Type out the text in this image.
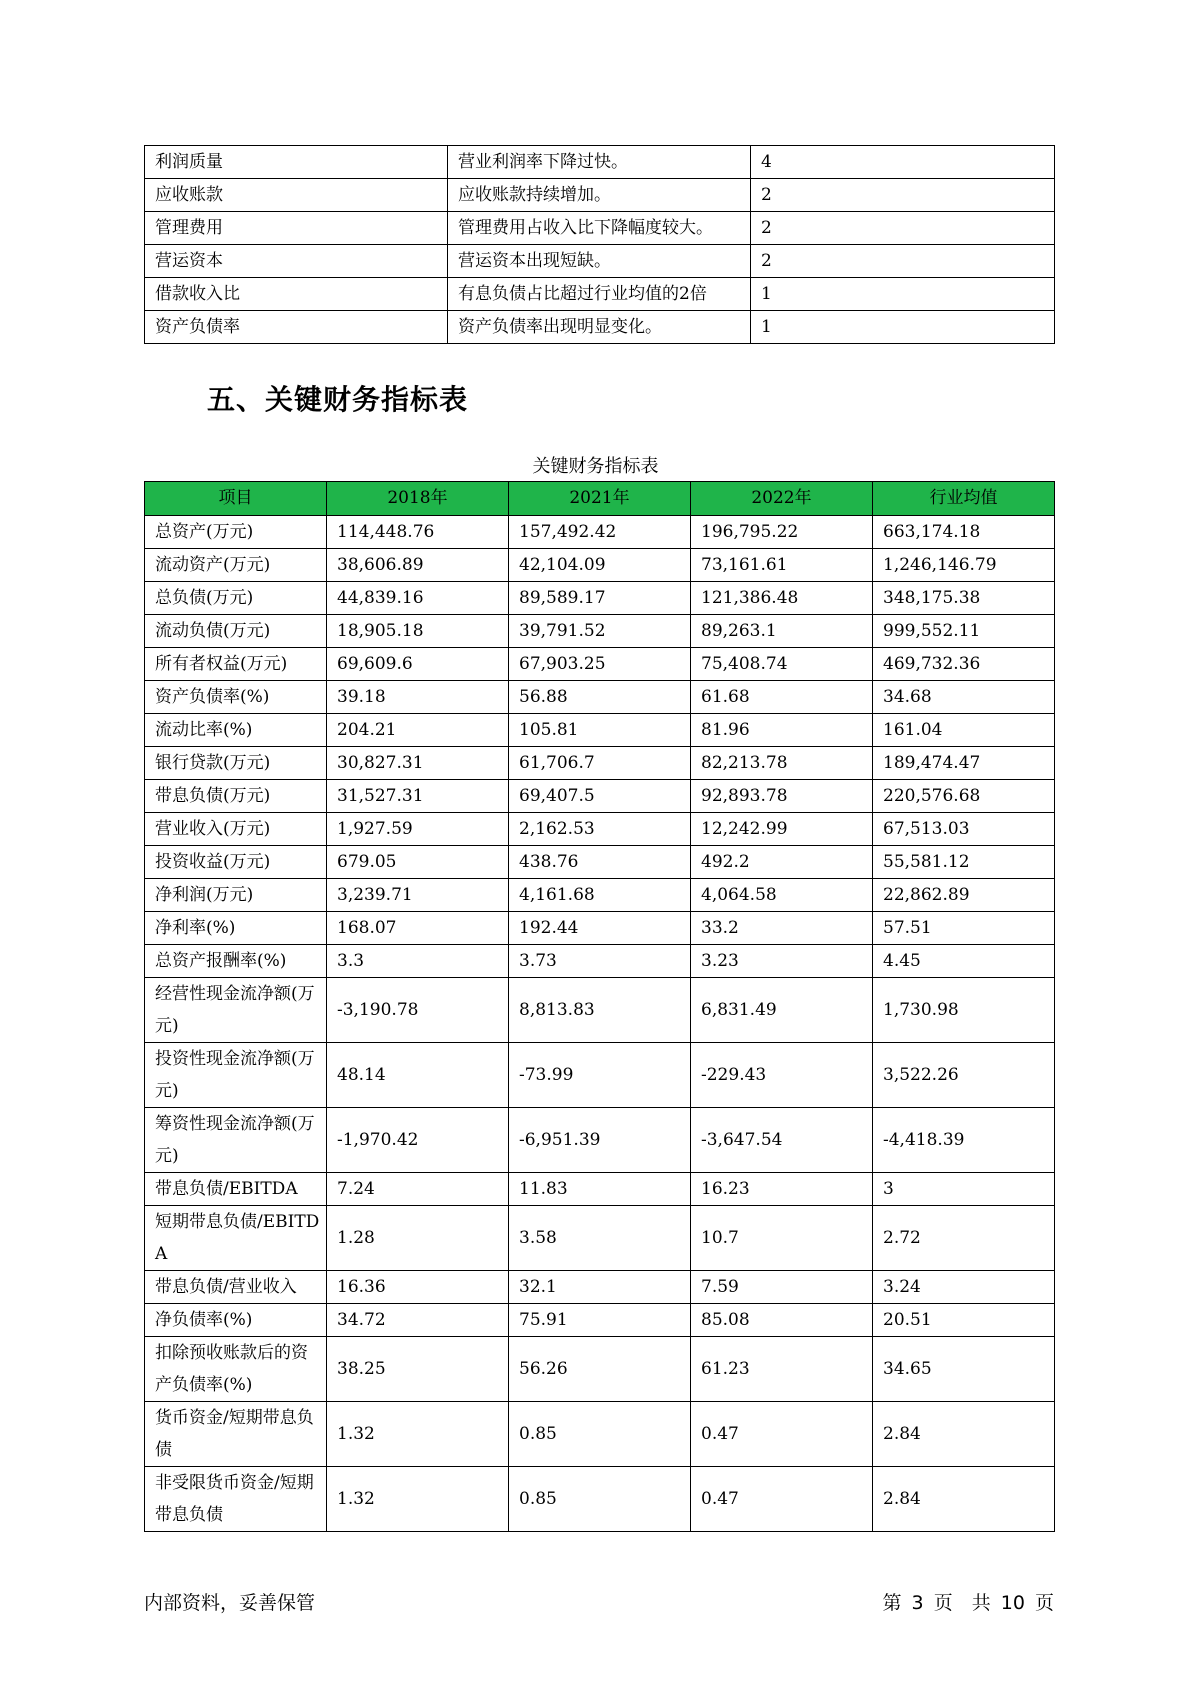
利润质量	营业利润率下降过快。	4
应收账款	应收账款持续增加。	2
管理费用	管理费用占收入比下降幅度较大。	2
营运资本	营运资本出现短缺。	2
借款收入比	有息负债占比超过行业均值的2倍	1
资产负债率	资产负债率出现明显变化。	1
五、关键财务指标表
关键财务指标表
项目	2018年	2021年	2022年	行业均值
总资产(万元)	114,448.76	157,492.42	196,795.22	663,174.18
流动资产(万元)	38,606.89	42,104.09	73,161.61	1,246,146.79
总负债(万元)	44,839.16	89,589.17	121,386.48	348,175.38
流动负债(万元)	18,905.18	39,791.52	89,263.1	999,552.11
所有者权益(万元)	69,609.6	67,903.25	75,408.74	469,732.36
资产负债率(%)	39.18	56.88	61.68	34.68
流动比率(%)	204.21	105.81	81.96	161.04
银行贷款(万元)	30,827.31	61,706.7	82,213.78	189,474.47
带息负债(万元)	31,527.31	69,407.5	92,893.78	220,576.68
营业收入(万元)	1,927.59	2,162.53	12,242.99	67,513.03
投资收益(万元)	679.05	438.76	492.2	55,581.12
净利润(万元)	3,239.71	4,161.68	4,064.58	22,862.89
净利率(%)	168.07	192.44	33.2	57.51
总资产报酬率(%)	3.3	3.73	3.23	4.45
经营性现金流净额(万元)	-3,190.78	8,813.83	6,831.49	1,730.98
投资性现金流净额(万元)	48.14	-73.99	-229.43	3,522.26
筹资性现金流净额(万元)	-1,970.42	-6,951.39	-3,647.54	-4,418.39
带息负债/EBITDA	7.24	11.83	16.23	3
短期带息负债/EBITDA	1.28	3.58	10.7	2.72
带息负债/营业收入	16.36	32.1	7.59	3.24
净负债率(%)	34.72	75.91	85.08	20.51
扣除预收账款后的资产负债率(%)	38.25	56.26	61.23	34.65
货币资金/短期带息负债	1.32	0.85	0.47	2.84
非受限货币资金/短期带息负债	1.32	0.85	0.47	2.84
内部资料，妥善保管	第 3 页　共 10 页
